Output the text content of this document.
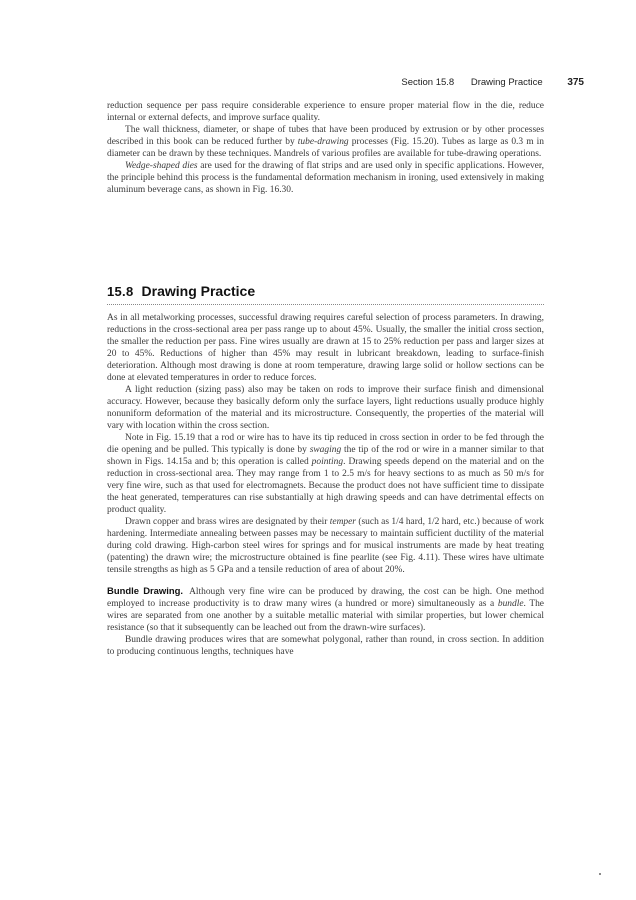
Section 15.8 Drawing Practice 375

reduction sequence per pass require considerable experience to ensure proper material flow in the die, reduce internal or external defects, and improve surface quality.

The wall thickness, diameter, or shape of tubes that have been produced by extrusion or by other processes described in this book can be reduced further by tube-drawing processes (Fig. 15.20). Tubes as large as 0.3 m in diameter can be drawn by these techniques. Mandrels of various profiles are available for tube-drawing operations.

Wedge-shaped dies are used for the drawing of flat strips and are used only in specific applications. However, the principle behind this process is the fundamental deformation mechanism in ironing, used extensively in making aluminum beverage cans, as shown in Fig. 16.30.

15.8 Drawing Practice

As in all metalworking processes, successful drawing requires careful selection of process parameters. In drawing, reductions in the cross-sectional area per pass range up to about 45%. Usually, the smaller the initial cross section, the smaller the reduction per pass. Fine wires usually are drawn at 15 to 25% reduction per pass and larger sizes at 20 to 45%. Reductions of higher than 45% may result in lubricant breakdown, leading to surface-finish deterioration. Although most drawing is done at room temperature, drawing large solid or hollow sections can be done at elevated temperatures in order to reduce forces.

A light reduction (sizing pass) also may be taken on rods to improve their surface finish and dimensional accuracy. However, because they basically deform only the surface layers, light reductions usually produce highly nonuniform deformation of the material and its microstructure. Consequently, the properties of the material will vary with location within the cross section.

Note in Fig. 15.19 that a rod or wire has to have its tip reduced in cross section in order to be fed through the die opening and be pulled. This typically is done by swaging the tip of the rod or wire in a manner similar to that shown in Figs. 14.15a and b; this operation is called pointing. Drawing speeds depend on the material and on the reduction in cross-sectional area. They may range from 1 to 2.5 m/s for heavy sections to as much as 50 m/s for very fine wire, such as that used for electromagnets. Because the product does not have sufficient time to dissipate the heat generated, temperatures can rise substantially at high drawing speeds and can have detrimental effects on product quality.

Drawn copper and brass wires are designated by their temper (such as 1/4 hard, 1/2 hard, etc.) because of work hardening. Intermediate annealing between passes may be necessary to maintain sufficient ductility of the material during cold drawing. High-carbon steel wires for springs and for musical instruments are made by heat treating (patenting) the drawn wire; the microstructure obtained is fine pearlite (see Fig. 4.11). These wires have ultimate tensile strengths as high as 5 GPa and a tensile reduction of area of about 20%.

Bundle Drawing. Although very fine wire can be produced by drawing, the cost can be high. One method employed to increase productivity is to draw many wires (a hundred or more) simultaneously as a bundle. The wires are separated from one another by a suitable metallic material with similar properties, but lower chemical resistance (so that it subsequently can be leached out from the drawn-wire surfaces).

Bundle drawing produces wires that are somewhat polygonal, rather than round, in cross section. In addition to producing continuous lengths, techniques have
